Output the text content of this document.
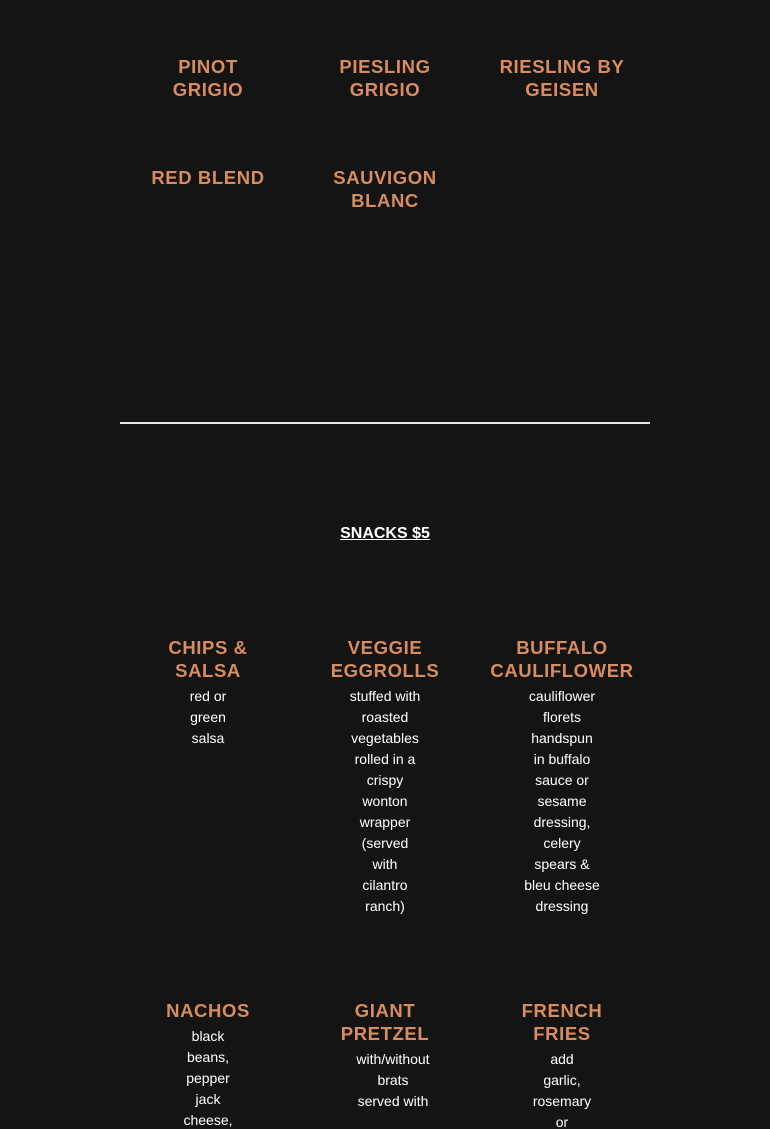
PINOT GRIGIO
PIESLING GRIGIO
RIESLING BY GEISEN
RED BLEND	SAUVIGON BLANC
SNACKS $5
CHIPS & SALSA
red or green salsa
VEGGIE EGGROLLS
stuffed with roasted vegetables rolled in a crispy wonton wrapper (served with cilantro ranch)
BUFFALO CAULIFLOWER
cauliflower florets handspun in buffalo sauce or sesame dressing, celery spears & bleu cheese dressing
NACHOS
black beans, pepper jack cheese,
GIANT PRETZEL
with/without brats served with
FRENCH FRIES
add garlic, rosemary or
